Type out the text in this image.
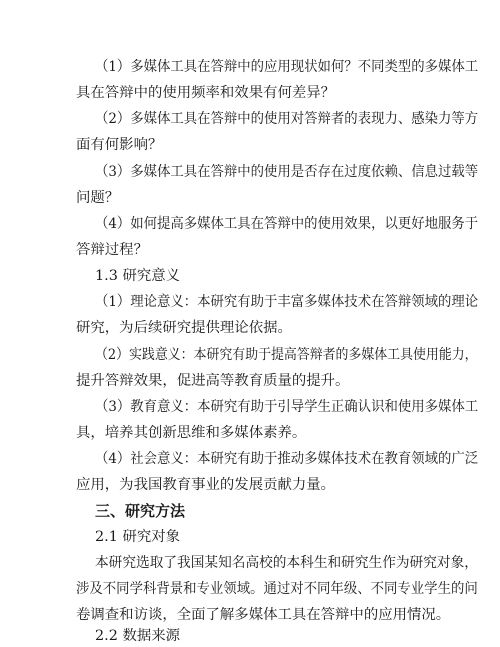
（1）多媒体工具在答辩中的应用现状如何？不同类型的多媒体工
具在答辩中的使用频率和效果有何差异？
（2）多媒体工具在答辩中的使用对答辩者的表现力、感染力等方
面有何影响？
（3）多媒体工具在答辩中的使用是否存在过度依赖、信息过载等
问题？
（4）如何提高多媒体工具在答辩中的使用效果，以更好地服务于
答辩过程？
1.3 研究意义
（1）理论意义：本研究有助于丰富多媒体技术在答辩领域的理论
研究，为后续研究提供理论依据。
（2）实践意义：本研究有助于提高答辩者的多媒体工具使用能力，
提升答辩效果，促进高等教育质量的提升。
（3）教育意义：本研究有助于引导学生正确认识和使用多媒体工
具，培养其创新思维和多媒体素养。
（4）社会意义：本研究有助于推动多媒体技术在教育领域的广泛
应用，为我国教育事业的发展贡献力量。
三、研究方法
2.1 研究对象
本研究选取了我国某知名高校的本科生和研究生作为研究对象，
涉及不同学科背景和专业领域。通过对不同年级、不同专业学生的问
卷调查和访谈，全面了解多媒体工具在答辩中的应用情况。
2.2 数据来源
